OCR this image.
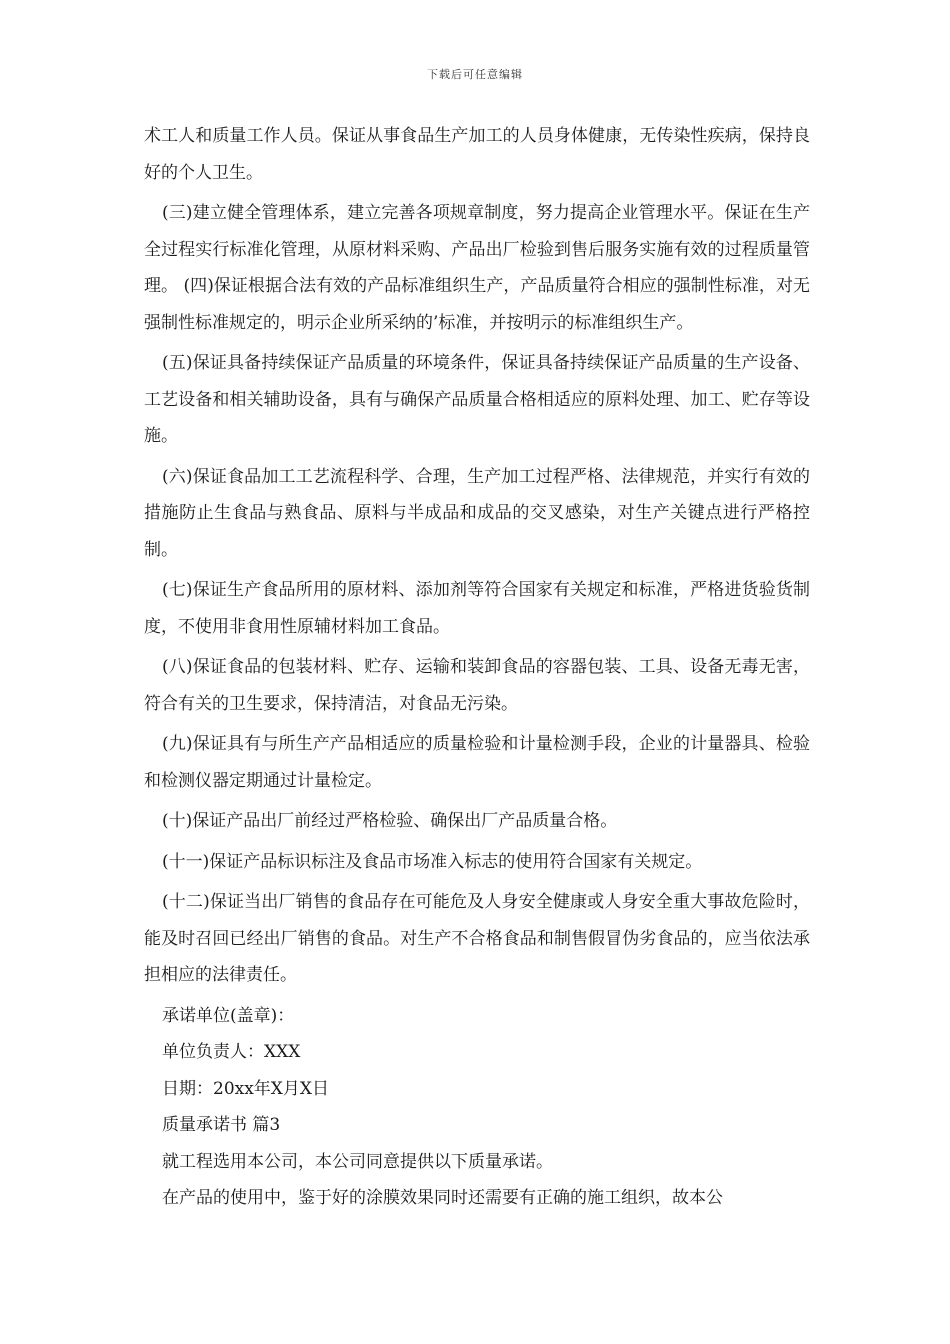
下载后可任意编辑

术工人和质量工作人员。保证从事食品生产加工的人员身体健康，无传染性疾病，保持良好的个人卫生。

(三)建立健全管理体系，建立完善各项规章制度，努力提高企业管理水平。保证在生产全过程实行标准化管理，从原材料采购、产品出厂检验到售后服务实施有效的过程质量管理。 (四)保证根据合法有效的产品标准组织生产，产品质量符合相应的强制性标准，对无强制性标准规定的，明示企业所采纳的’标准，并按明示的标准组织生产。

(五)保证具备持续保证产品质量的环境条件，保证具备持续保证产品质量的生产设备、工艺设备和相关辅助设备，具有与确保产品质量合格相适应的原料处理、加工、贮存等设施。

(六)保证食品加工工艺流程科学、合理，生产加工过程严格、法律规范，并实行有效的措施防止生食品与熟食品、原料与半成品和成品的交叉感染，对生产关键点进行严格控制。

(七)保证生产食品所用的原材料、添加剂等符合国家有关规定和标准，严格进货验货制度，不使用非食用性原辅材料加工食品。

(八)保证食品的包装材料、贮存、运输和装卸食品的容器包装、工具、设备无毒无害，符合有关的卫生要求，保持清洁，对食品无污染。

(九)保证具有与所生产产品相适应的质量检验和计量检测手段，企业的计量器具、检验和检测仪器定期通过计量检定。

(十)保证产品出厂前经过严格检验、确保出厂产品质量合格。

(十一)保证产品标识标注及食品市场准入标志的使用符合国家有关规定。

(十二)保证当出厂销售的食品存在可能危及人身安全健康或人身安全重大事故危险时，能及时召回已经出厂销售的食品。对生产不合格食品和制售假冒伪劣食品的，应当依法承担相应的法律责任。

承诺单位(盖章)：
单位负责人：XXX
日期：20xx年X月X日
质量承诺书 篇3
就工程选用本公司，本公司同意提供以下质量承诺。
在产品的使用中，鉴于好的涂膜效果同时还需要有正确的施工组织，故本公
